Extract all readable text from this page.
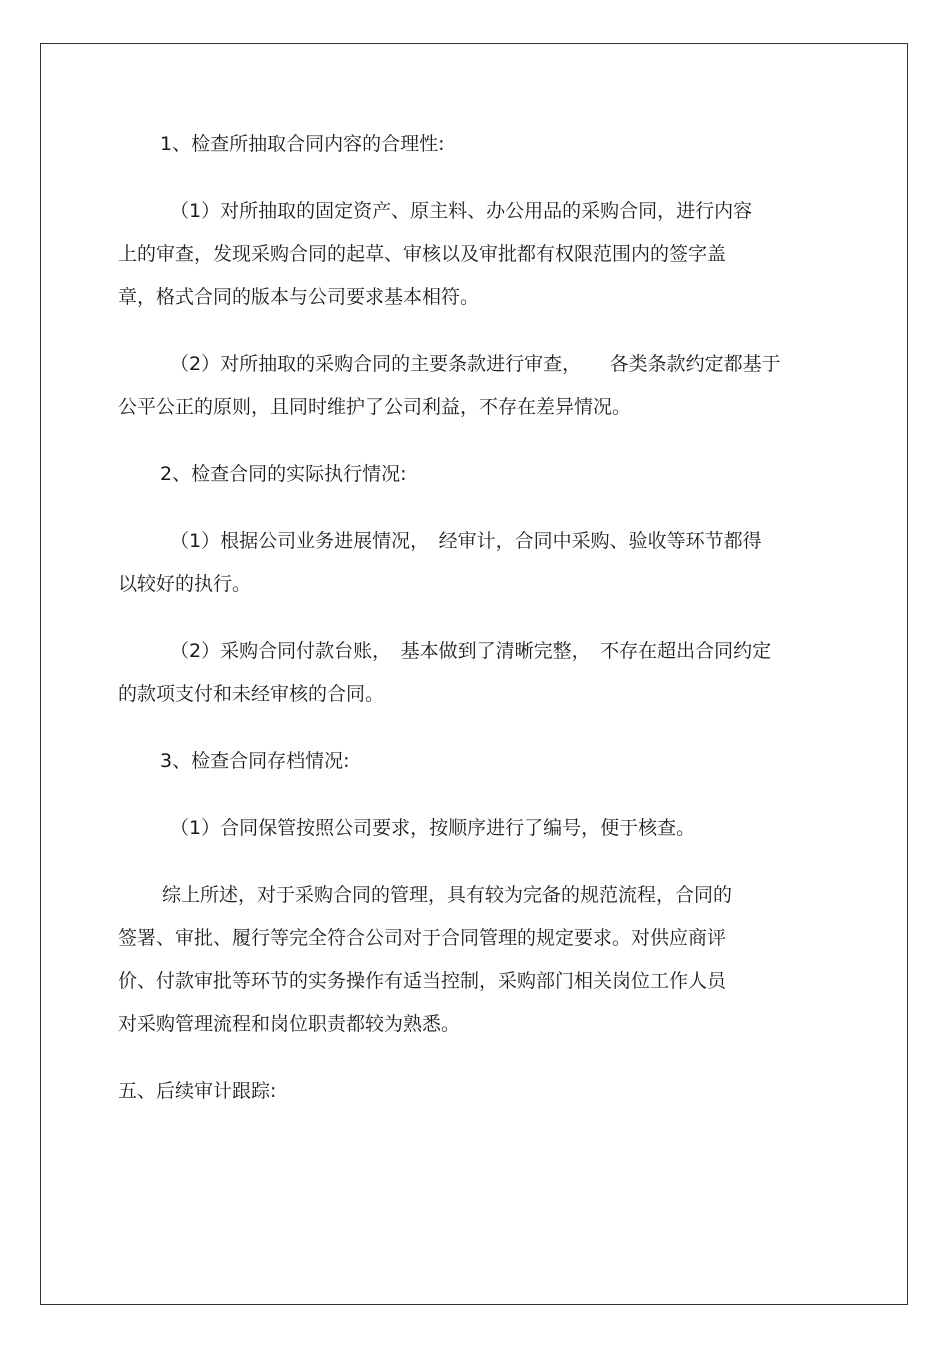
1、检查所抽取合同内容的合理性:

（1）对所抽取的固定资产、原主料、办公用品的采购合同，进行内容
上的审查，发现采购合同的起草、审核以及审批都有权限范围内的签字盖
章，格式合同的版本与公司要求基本相符。

（2）对所抽取的采购合同的主要条款进行审查，　　各类条款约定都基于
公平公正的原则，且同时维护了公司利益，不存在差异情况。

2、检查合同的实际执行情况:

（1）根据公司业务进展情况，　经审计，合同中采购、验收等环节都得
以较好的执行。

（2）采购合同付款台账，　基本做到了清晰完整，　不存在超出合同约定
的款项支付和未经审核的合同。

3、检查合同存档情况:

（1）合同保管按照公司要求，按顺序进行了编号，便于核查。

综上所述，对于采购合同的管理，具有较为完备的规范流程，合同的
签署、审批、履行等完全符合公司对于合同管理的规定要求。对供应商评
价、付款审批等环节的实务操作有适当控制，采购部门相关岗位工作人员
对采购管理流程和岗位职责都较为熟悉。

五、后续审计跟踪:
